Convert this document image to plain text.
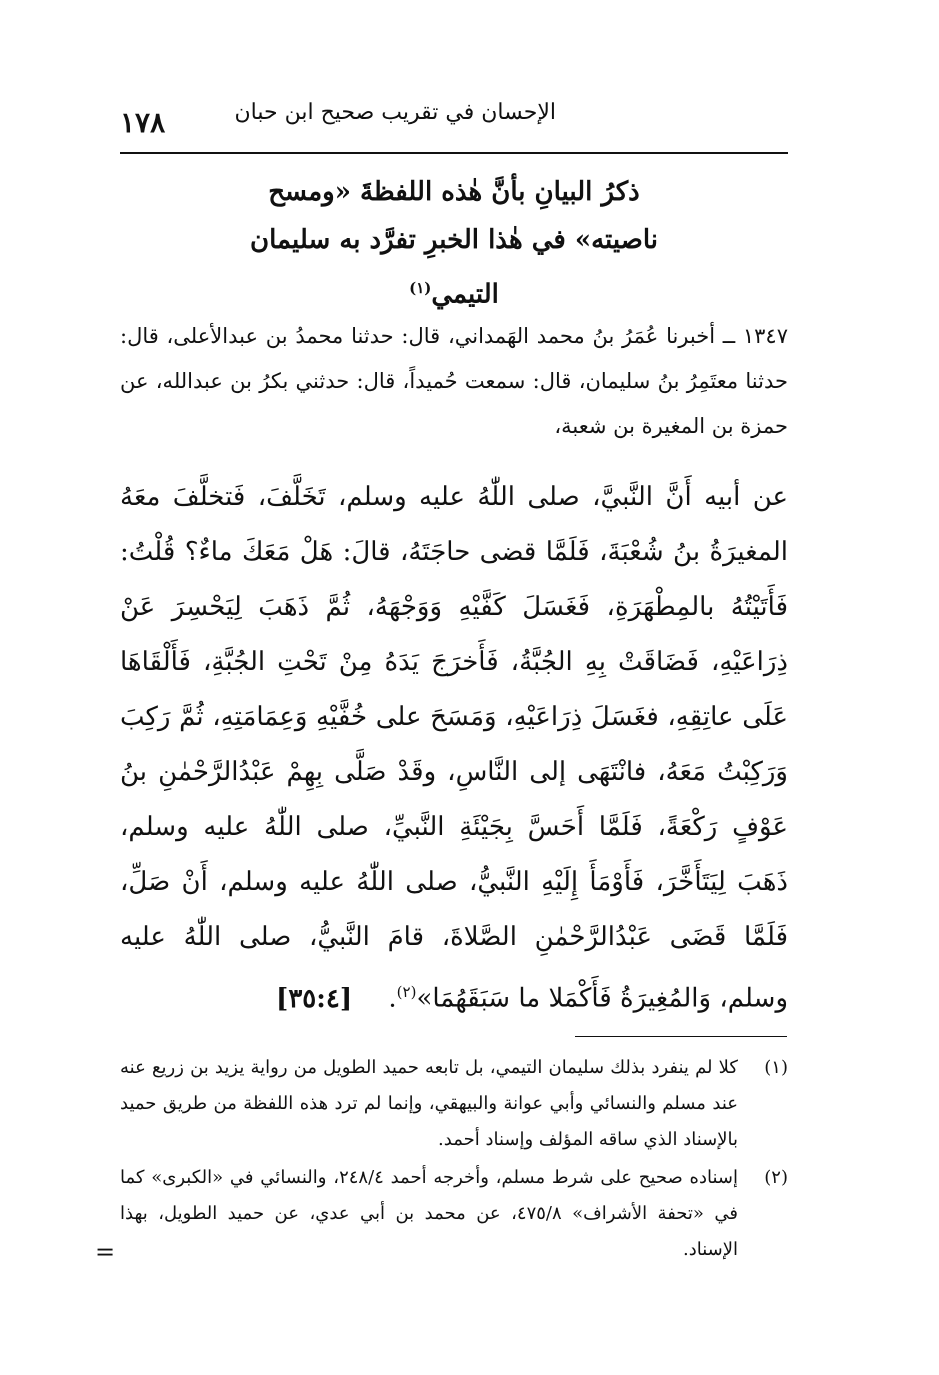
١٧٨	الإحسان في تقريب صحيح ابن حبان
ذكرُ البيانِ بأنَّ هٰذه اللفظةَ «ومسح ناصيته» في هٰذا الخبرِ تفرَّد به سليمان التيمي$^{(١)}$
١٣٤٧ ــ أخبرنا عُمَرُ بنُ محمد الهَمداني، قال: حدثنا محمدُ بن عبدالأعلى، قال: حدثنا معتَمِرُ بنُ سليمان، قال: سمعت حُميداً، قال: حدثني بكرُ بن عبدالله، عن حمزة بن المغيرة بن شعبة،
عن أبيه أَنَّ النَّبيَّ، صلى اللّٰهُ عليه وسلم، تَخَلَّفَ، فَتخلَّفَ معَهُ المغيرَةُ بنُ شُعْبَةَ، فَلَمَّا قضى حاجَتَهُ، قالَ: هَلْ مَعَكَ ماءٌ؟ قُلْتُ: فَأَتَيْتُهُ بالمِطْهَرَةِ، فَغَسَلَ كَفَّيْهِ وَوَجْهَهُ، ثُمَّ ذَهَبَ لِيَحْسِرَ عَنْ ذِرَاعَيْهِ، فَضَاقَتْ بِهِ الجُبَّةُ، فَأَخرَجَ يَدَهُ مِنْ تَحْتِ الجُبَّةِ، فَأَلْقَاهَا عَلَى عاتِقِهِ، فغَسَلَ ذِرَاعَيْهِ، وَمَسَحَ على خُفَّيْهِ وَعِمَامَتِهِ، ثُمَّ رَكِبَ وَرَكِبْتُ مَعَهُ، فانْتَهَى إلى النَّاسِ، وقَدْ صَلَّى بِهِمْ عَبْدُالرَّحْمٰنِ بنُ عَوْفٍ رَكْعَةً، فَلَمَّا أَحَسَّ بِجَيْئَةِ النَّبيِّ، صلى اللّٰهُ عليه وسلم، ذَهَبَ لِيَتَأَخَّرَ، فَأَوْمَأَ إِلَيْهِ النَّبيُّ، صلى اللّٰهُ عليه وسلم، أَنْ صَلِّ، فَلَمَّا قَضَى عَبْدُالرَّحْمٰنِ الصَّلاةَ، قامَ النَّبيُّ، صلى اللّٰهُ عليه وسلم، وَالمُغِيرَةُ فَأَكْمَلا ما سَبَقَهُمَا»$^{(٢)}$. [٣٥:٤]
(١)
كلا لم ينفرد بذلك سليمان التيمي، بل تابعه حميد الطويل من رواية يزيد بن زريع عنه عند مسلم والنسائي وأبي عوانة والبيهقي، وإنما لم ترد هذه اللفظة من طريق حميد بالإسناد الذي ساقه المؤلف وإسناد أحمد.
(٢)
إسناده صحيح على شرط مسلم، وأخرجه أحمد ٢٤٨/٤، والنسائي في «الكبرى» كما في «تحفة الأشراف» ٤٧٥/٨، عن محمد بن أبي عدي، عن حميد الطويل، بهذا الإسناد.
=
